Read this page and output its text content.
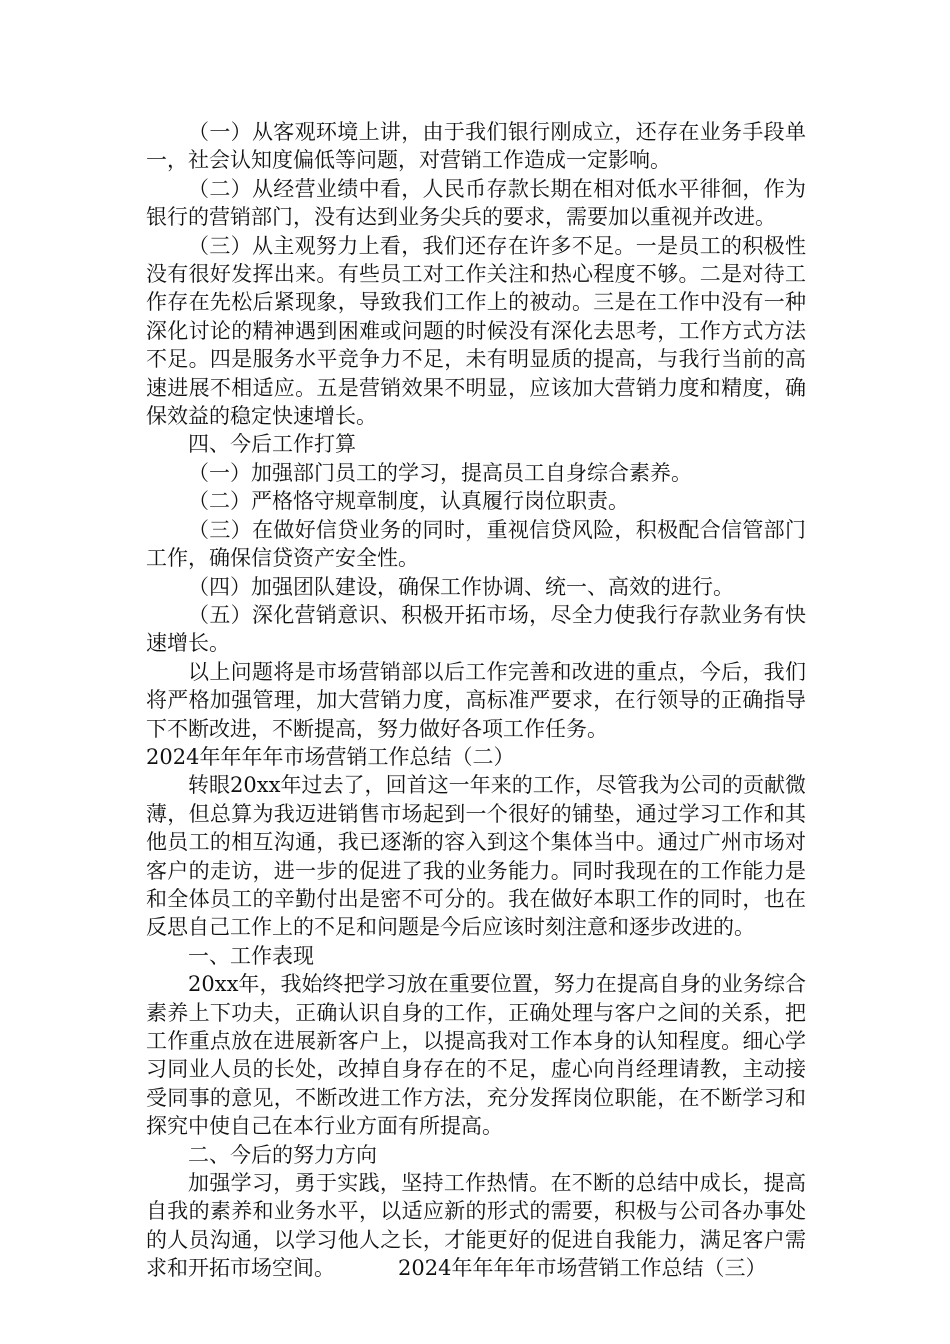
（一）从客观环境上讲，由于我们银行刚成立，还存在业务手段单一，社会认知度偏低等问题，对营销工作造成一定影响。

（二）从经营业绩中看，人民币存款长期在相对低水平徘徊，作为银行的营销部门，没有达到业务尖兵的要求，需要加以重视并改进。

（三）从主观努力上看，我们还存在许多不足。一是员工的积极性没有很好发挥出来。有些员工对工作关注和热心程度不够。二是对待工作存在先松后紧现象，导致我们工作上的被动。三是在工作中没有一种深化讨论的精神遇到困难或问题的时候没有深化去思考，工作方式方法不足。四是服务水平竞争力不足，未有明显质的提高，与我行当前的高速进展不相适应。五是营销效果不明显，应该加大营销力度和精度，确保效益的稳定快速增长。

四、今后工作打算

（一）加强部门员工的学习，提高员工自身综合素养。

（二）严格恪守规章制度，认真履行岗位职责。

（三）在做好信贷业务的同时，重视信贷风险，积极配合信管部门工作，确保信贷资产安全性。

（四）加强团队建设，确保工作协调、统一、高效的进行。

（五）深化营销意识、积极开拓市场，尽全力使我行存款业务有快速增长。

以上问题将是市场营销部以后工作完善和改进的重点，今后，我们将严格加强管理，加大营销力度，高标准严要求，在行领导的正确指导下不断改进，不断提高，努力做好各项工作任务。

2024年年年年市场营销工作总结（二）

转眼20xx年过去了，回首这一年来的工作，尽管我为公司的贡献微薄，但总算为我迈进销售市场起到一个很好的铺垫，通过学习工作和其他员工的相互沟通，我已逐渐的容入到这个集体当中。通过广州市场对客户的走访，进一步的促进了我的业务能力。同时我现在的工作能力是和全体员工的辛勤付出是密不可分的。我在做好本职工作的同时，也在反思自己工作上的不足和问题是今后应该时刻注意和逐步改进的。

一、工作表现

20xx年，我始终把学习放在重要位置，努力在提高自身的业务综合素养上下功夫，正确认识自身的工作，正确处理与客户之间的关系，把工作重点放在进展新客户上，以提高我对工作本身的认知程度。细心学习同业人员的长处，改掉自身存在的不足，虚心向肖经理请教，主动接受同事的意见，不断改进工作方法，充分发挥岗位职能，在不断学习和探究中使自己在本行业方面有所提高。

二、今后的努力方向

加强学习，勇于实践，坚持工作热情。在不断的总结中成长，提高自我的素养和业务水平，以适应新的形式的需要，积极与公司各办事处的人员沟通，以学习他人之长，才能更好的促进自我能力，满足客户需求和开拓市场空间。	2024年年年年市场营销工作总结（三）
